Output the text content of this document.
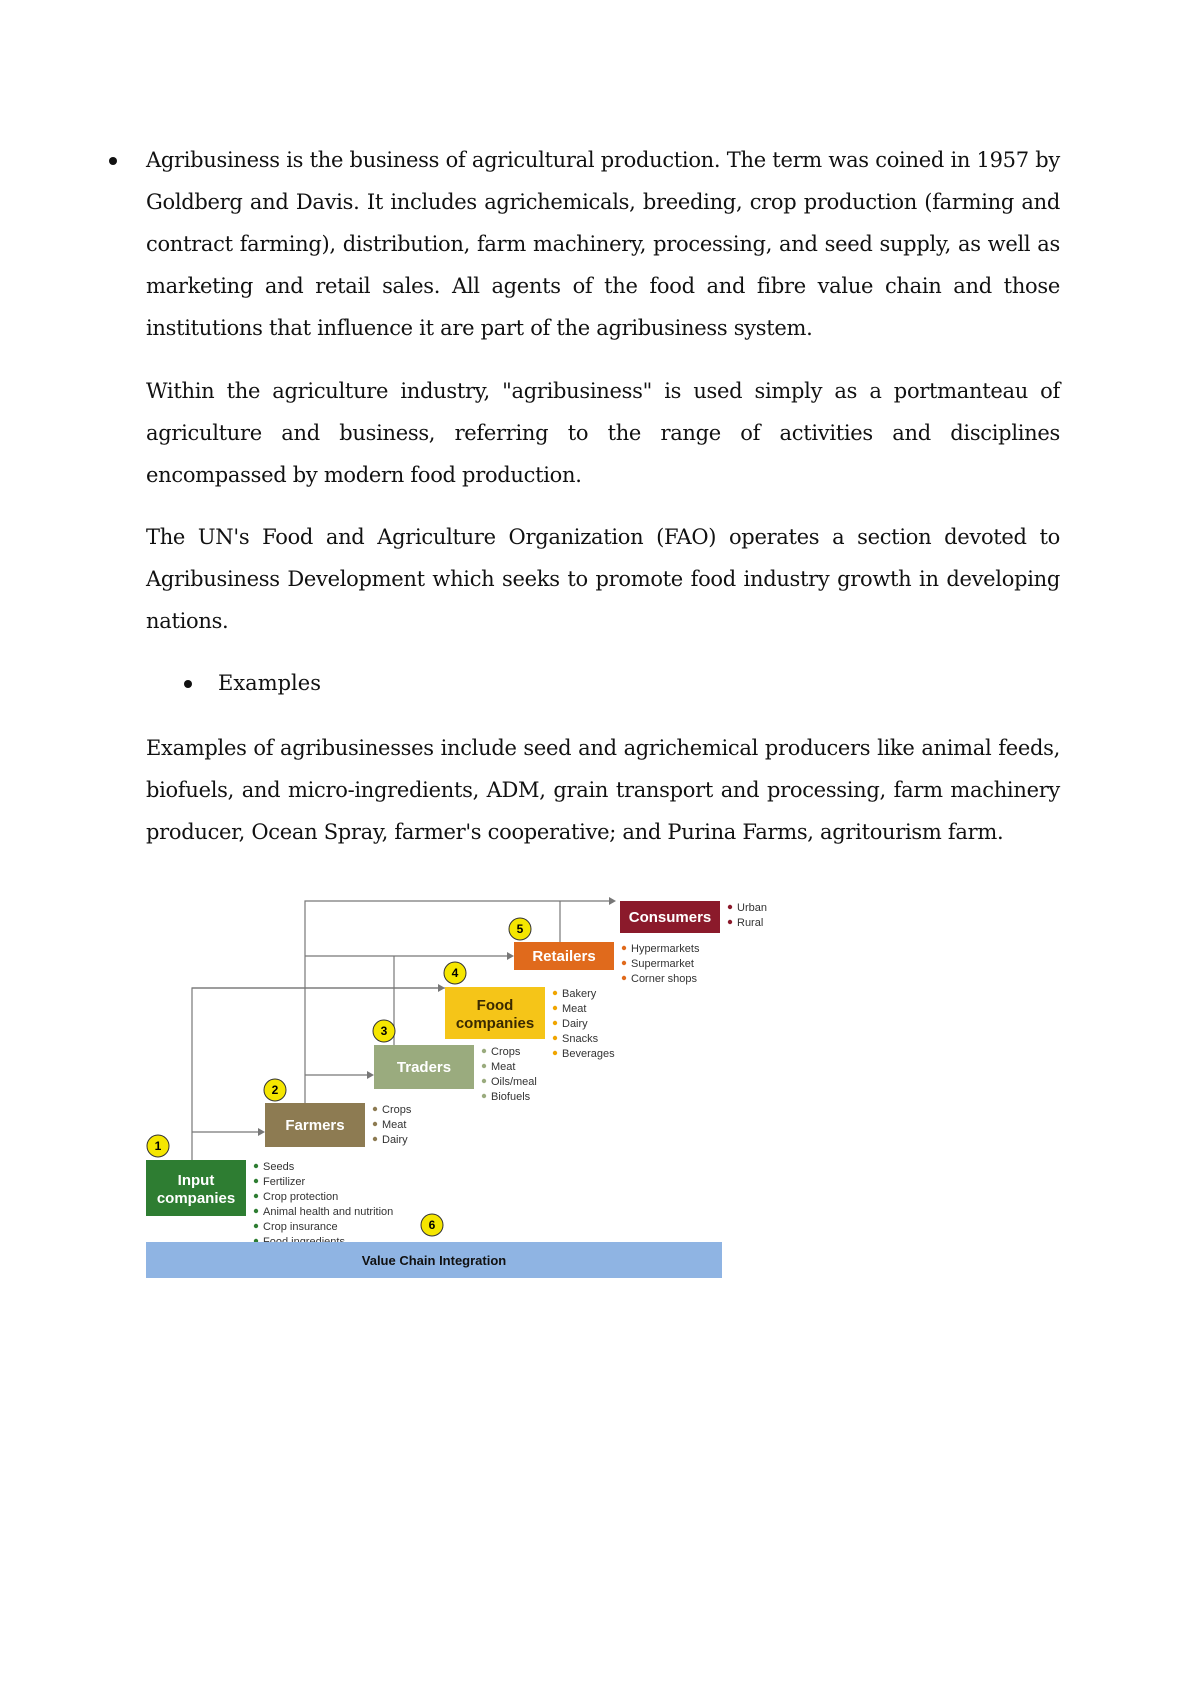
Agribusiness is the business of agricultural production. The term was coined in 1957 by Goldberg and Davis. It includes agrichemicals, breeding, crop production (farming and contract farming), distribution, farm machinery, processing, and seed supply, as well as marketing and retail sales. All agents of the food and fibre value chain and those institutions that influence it are part of the agribusiness system.

Within the agriculture industry, "agribusiness" is used simply as a portmanteau of agriculture and business, referring to the range of activities and disciplines encompassed by modern food production.

The UN's Food and Agriculture Organization (FAO) operates a section devoted to Agribusiness Development which seeks to promote food industry growth in developing nations.

Examples

Examples of agribusinesses include seed and agrichemical producers like animal feeds, biofuels, and micro-ingredients, ADM, grain transport and processing, farm machinery producer, Ocean Spray, farmer's cooperative; and Purina Farms, agritourism farm.

Input
companies
Seeds
Fertilizer
Crop protection
Animal health and nutrition
Crop insurance
1
Farmers
Crops
Meat
Dairy
2
Traders
Crops
Meat
Oils/meal
Biofuels
3
Food
companies
Bakery
Meat
Dairy
Snacks
Beverages
4
Retailers	Hypermarkets
Supermarket
Corner shops
5
Consumers
Urban
Rural
Value Chain Integration
6
